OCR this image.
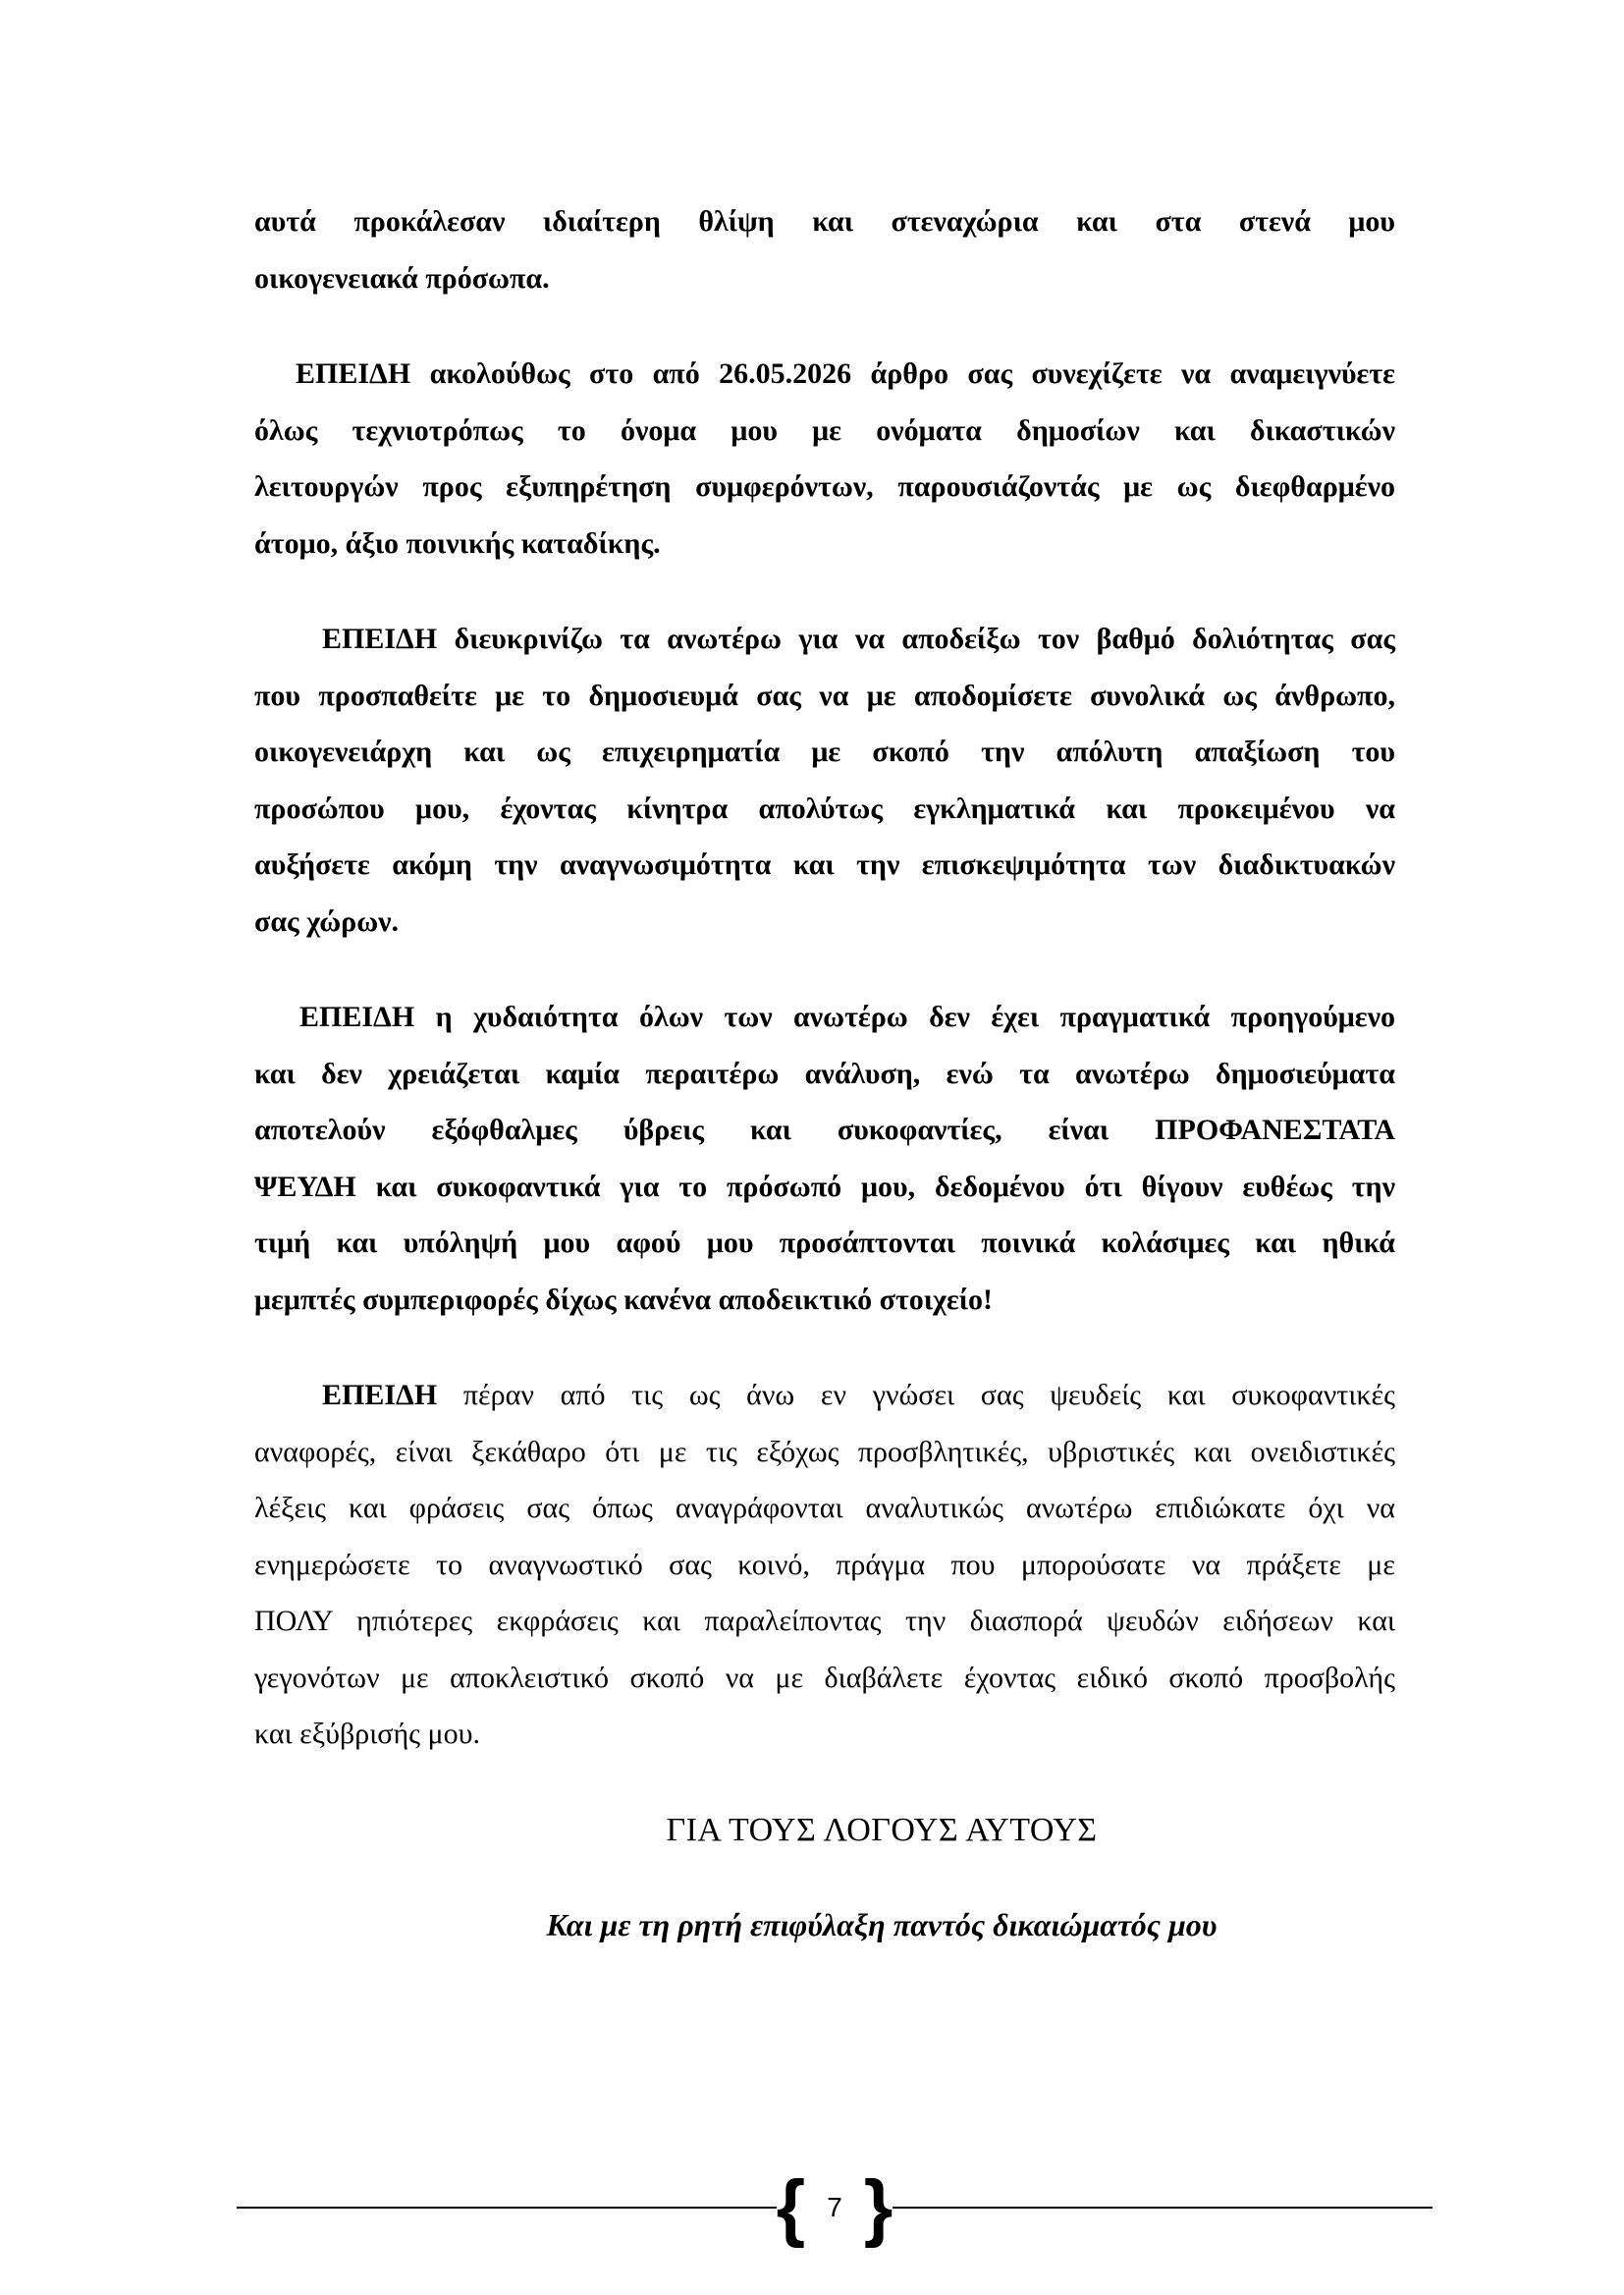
αυτά προκάλεσαν ιδιαίτερη θλίψη και στεναχώρια και στα στενά μου
οικογενειακά πρόσωπα.
ΕΠΕΙΔΗ ακολούθως στο από 26.05.2026 άρθρο σας συνεχίζετε να αναμειγνύετε
όλως τεχνιοτρόπως το όνομα μου με ονόματα δημοσίων και δικαστικών
λειτουργών προς εξυπηρέτηση συμφερόντων, παρουσιάζοντάς με ως διεφθαρμένο
άτομο, άξιο ποινικής καταδίκης.
ΕΠΕΙΔΗ διευκρινίζω τα ανωτέρω για να αποδείξω τον βαθμό δολιότητας σας
που προσπαθείτε με το δημοσιευμά σας να με αποδομίσετε συνολικά ως άνθρωπο,
οικογενειάρχη και ως επιχειρηματία με σκοπό την απόλυτη απαξίωση του
προσώπου μου, έχοντας κίνητρα απολύτως εγκληματικά και προκειμένου να
αυξήσετε ακόμη την αναγνωσιμότητα και την επισκεψιμότητα των διαδικτυακών
σας χώρων.
ΕΠΕΙΔΗ η χυδαιότητα όλων των ανωτέρω δεν έχει πραγματικά προηγούμενο
και δεν χρειάζεται καμία περαιτέρω ανάλυση, ενώ τα ανωτέρω δημοσιεύματα
αποτελούν εξόφθαλμες ύβρεις και συκοφαντίες, είναι ΠΡΟΦΑΝΕΣΤΑΤΑ
ΨΕΥΔΗ και συκοφαντικά για το πρόσωπό μου, δεδομένου ότι θίγουν ευθέως την
τιμή και υπόληψή μου αφού μου προσάπτονται ποινικά κολάσιμες και ηθικά
μεμπτές συμπεριφορές δίχως κανένα αποδεικτικό στοιχείο!
ΕΠΕΙΔΗ πέραν από τις ως άνω εν γνώσει σας ψευδείς και συκοφαντικές
αναφορές, είναι ξεκάθαρο ότι με τις εξόχως προσβλητικές, υβριστικές και ονειδιστικές
λέξεις και φράσεις σας όπως αναγράφονται αναλυτικώς ανωτέρω επιδιώκατε όχι να
ενημερώσετε το αναγνωστικό σας κοινό, πράγμα που μπορούσατε να πράξετε με
ΠΟΛΥ ηπιότερες εκφράσεις και παραλείποντας την διασπορά ψευδών ειδήσεων και
γεγονότων με αποκλειστικό σκοπό να με διαβάλετε έχοντας ειδικό σκοπό προσβολής
και εξύβρισής μου.
ΓΙΑ ΤΟΥΣ ΛΟΓΟΥΣ ΑΥΤΟΥΣ
Και με τη ρητή επιφύλαξη παντός δικαιώματός μου
{ 7 }
